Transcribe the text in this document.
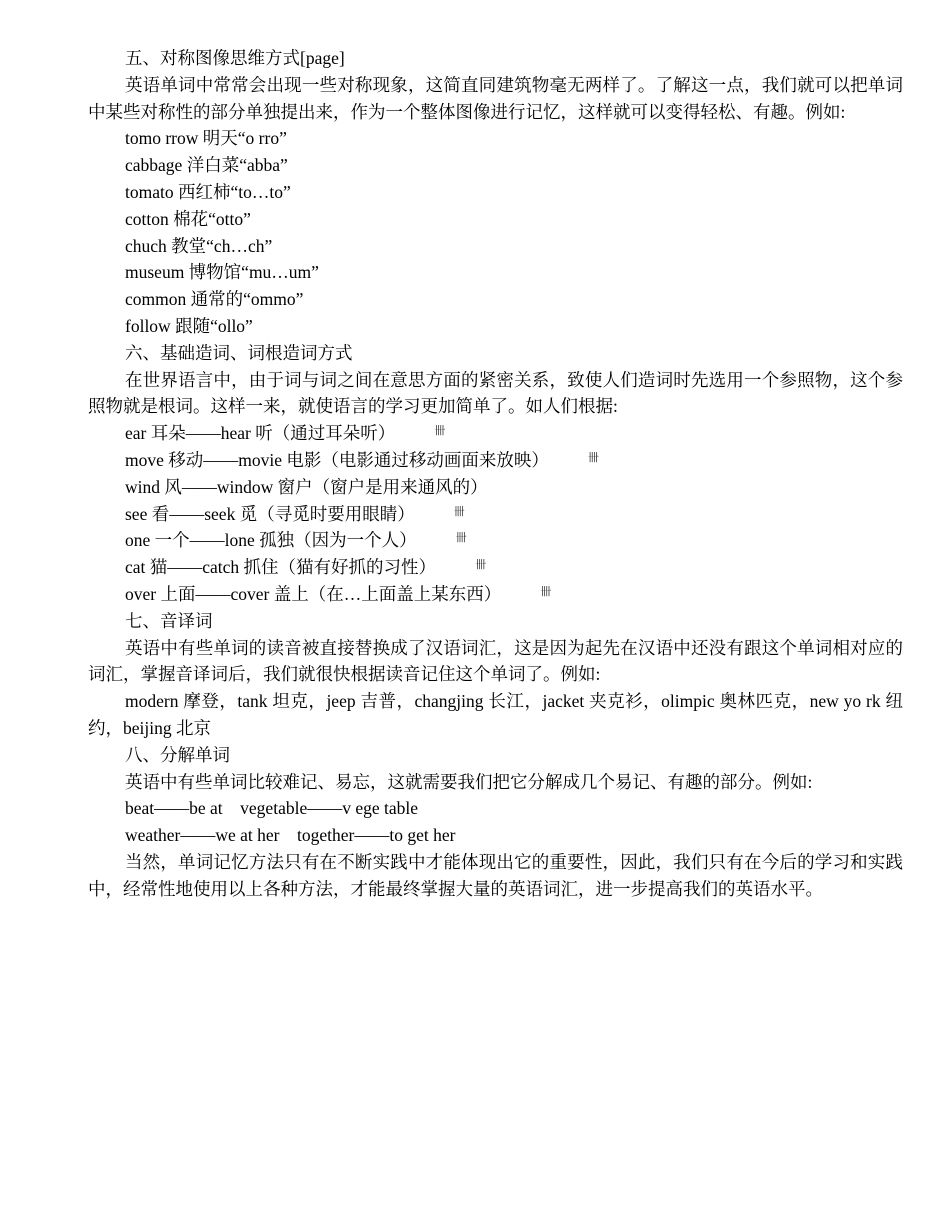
五、对称图像思维方式[page]

英语单词中常常会出现一些对称现象，这简直同建筑物毫无两样了。了解这一点，我们就可以把单词中某些对称性的部分单独提出来，作为一个整体图像进行记忆，这样就可以变得轻松、有趣。例如:

tomo rrow 明天“o rro”

cabbage 洋白菜“abba”

tomato 西红柿“to…to”

cotton 棉花“otto”

chuch 教堂“ch…ch”

museum 博物馆“mu…um”

common 通常的“ommo”

follow 跟随“ollo”

六、基础造词、词根造词方式

在世界语言中，由于词与词之间在意思方面的紧密关系，致使人们造词时先选用一个参照物，这个参照物就是根词。这样一来，就使语言的学习更加简单了。如人们根据:

ear 耳朵——hear 听（通过耳朵听）	卌

move 移动——movie 电影（电影通过移动画面来放映）	卌

wind 风——window 窗户（窗户是用来通风的）

see 看——seek 觅（寻觅时要用眼睛）	卌

one 一个——lone 孤独（因为一个人）	卌

cat 猫——catch 抓住（猫有好抓的习性）	卌

over 上面——cover 盖上（在…上面盖上某东西）	卌

七、音译词

英语中有些单词的读音被直接替换成了汉语词汇，这是因为起先在汉语中还没有跟这个单词相对应的词汇，掌握音译词后，我们就很快根据读音记住这个单词了。例如:

modern 摩登，tank 坦克，jeep 吉普，changjing 长江，jacket 夹克衫，olimpic 奥林匹克，new yo rk 纽约，beijing 北京

八、分解单词

英语中有些单词比较难记、易忘，这就需要我们把它分解成几个易记、有趣的部分。例如:

beat——be at　vegetable——v ege table

weather——we at her　together——to get her

当然，单词记忆方法只有在不断实践中才能体现出它的重要性，因此，我们只有在今后的学习和实践中，经常性地使用以上各种方法，才能最终掌握大量的英语词汇，进一步提高我们的英语水平。
